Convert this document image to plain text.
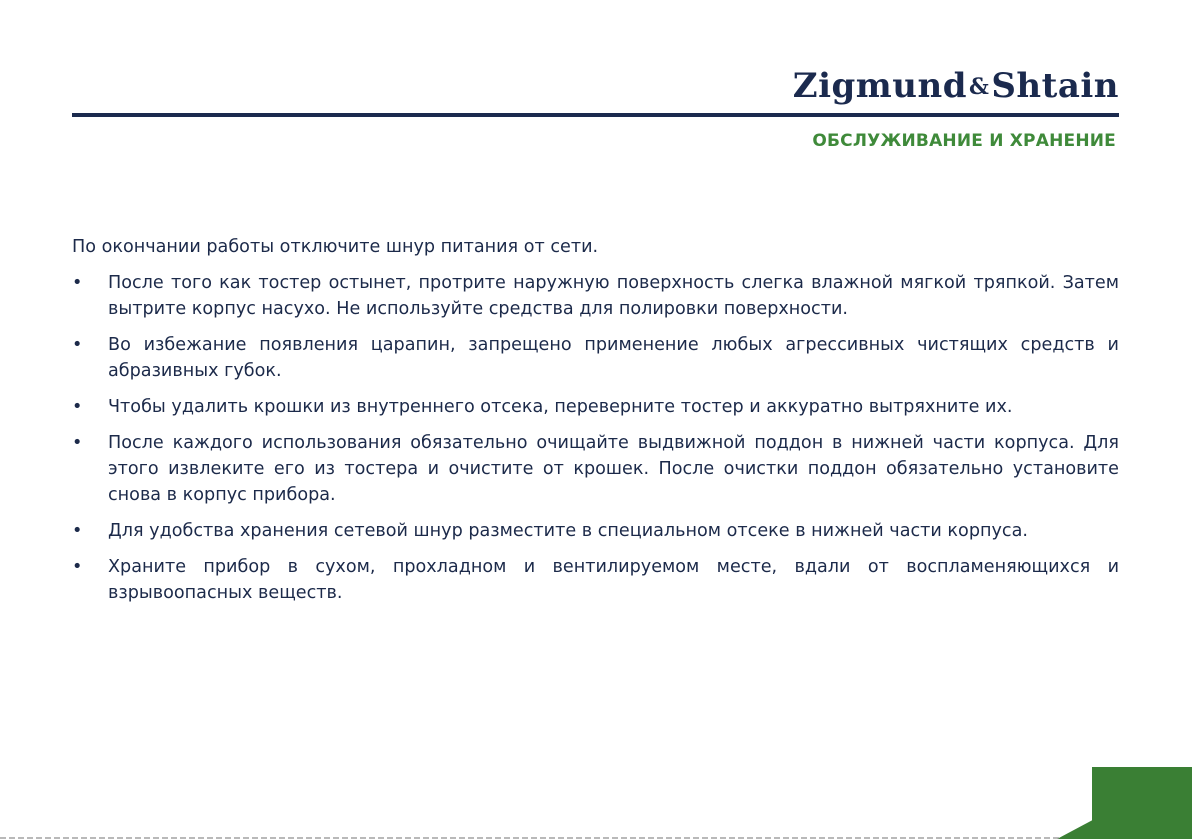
Zigmund&Shtain
ОБСЛУЖИВАНИЕ И ХРАНЕНИЕ

По окончании работы отключите шнур питания от сети.

• После того как тостер остынет, протрите наружную поверхность слегка влажной мягкой тряпкой. Затем вытрите корпус насухо. Не используйте средства для полировки поверхности.
• Во избежание появления царапин, запрещено применение любых агрессивных чистящих средств и абразивных губок.
• Чтобы удалить крошки из внутреннего отсека, переверните тостер и аккуратно вытряхните их.
• После каждого использования обязательно очищайте выдвижной поддон в нижней части корпуса. Для этого извлеките его из тостера и очистите от крошек. После очистки поддон обязательно установите снова в корпус прибора.
• Для удобства хранения сетевой шнур разместите в специальном отсеке в нижней части корпуса.
• Храните прибор в сухом, прохладном и вентилируемом месте, вдали от воспламеняющихся и взрывоопасных веществ.
